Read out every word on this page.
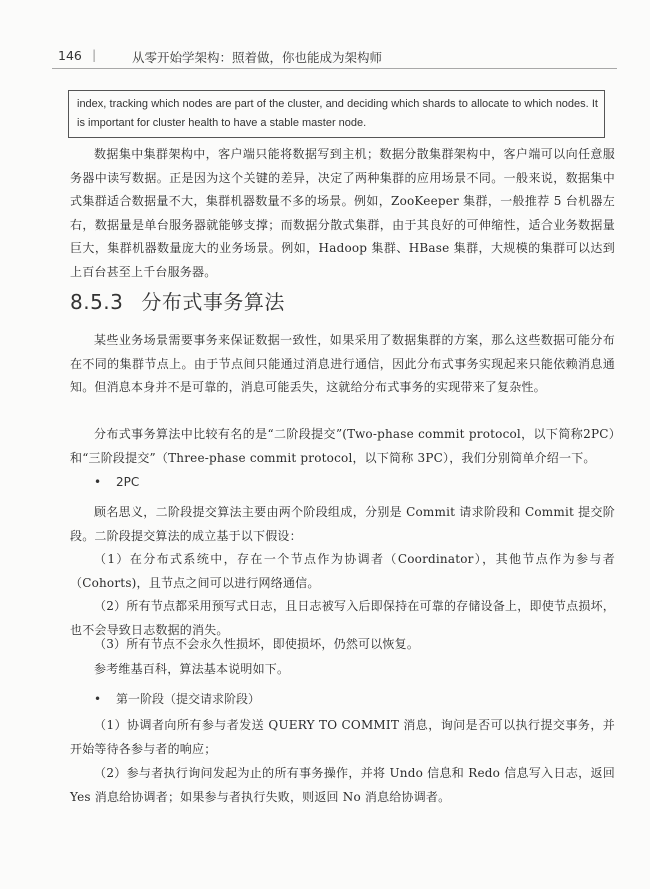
146 |	从零开始学架构：照着做，你也能成为架构师

index, tracking which nodes are part of the cluster, and deciding which shards to allocate to which nodes. It is important for cluster health to have a stable master node.

数据集中集群架构中，客户端只能将数据写到主机；数据分散集群架构中，客户端可以向任意服务器中读写数据。正是因为这个关键的差异，决定了两种集群的应用场景不同。一般来说，数据集中式集群适合数据量不大，集群机器数量不多的场景。例如，ZooKeeper 集群，一般推荐 5 台机器左右，数据量是单台服务器就能够支撑；而数据分散式集群，由于其良好的可伸缩性，适合业务数据量巨大，集群机器数量庞大的业务场景。例如，Hadoop 集群、HBase 集群，大规模的集群可以达到上百台甚至上千台服务器。

8.5.3 分布式事务算法

某些业务场景需要事务来保证数据一致性，如果采用了数据集群的方案，那么这些数据可能分布在不同的集群节点上。由于节点间只能通过消息进行通信，因此分布式事务实现起来只能依赖消息通知。但消息本身并不是可靠的，消息可能丢失，这就给分布式事务的实现带来了复杂性。

分布式事务算法中比较有名的是“二阶段提交”(Two-phase commit protocol，以下简称2PC）和“三阶段提交”（Three-phase commit protocol，以下简称 3PC），我们分别简单介绍一下。

• 2PC

顾名思义，二阶段提交算法主要由两个阶段组成，分别是 Commit 请求阶段和 Commit 提交阶段。二阶段提交算法的成立基于以下假设：

（1）在分布式系统中，存在一个节点作为协调者（Coordinator），其他节点作为参与者（Cohorts)，且节点之间可以进行网络通信。

（2）所有节点都采用预写式日志，且日志被写入后即保持在可靠的存储设备上，即使节点损坏，也不会导致日志数据的消失。

（3）所有节点不会永久性损坏，即使损坏，仍然可以恢复。

参考维基百科，算法基本说明如下。

• 第一阶段（提交请求阶段）

（1）协调者向所有参与者发送 QUERY TO COMMIT 消息，询问是否可以执行提交事务，并开始等待各参与者的响应；

（2）参与者执行询问发起为止的所有事务操作，并将 Undo 信息和 Redo 信息写入日志，返回 Yes 消息给协调者；如果参与者执行失败，则返回 No 消息给协调者。
